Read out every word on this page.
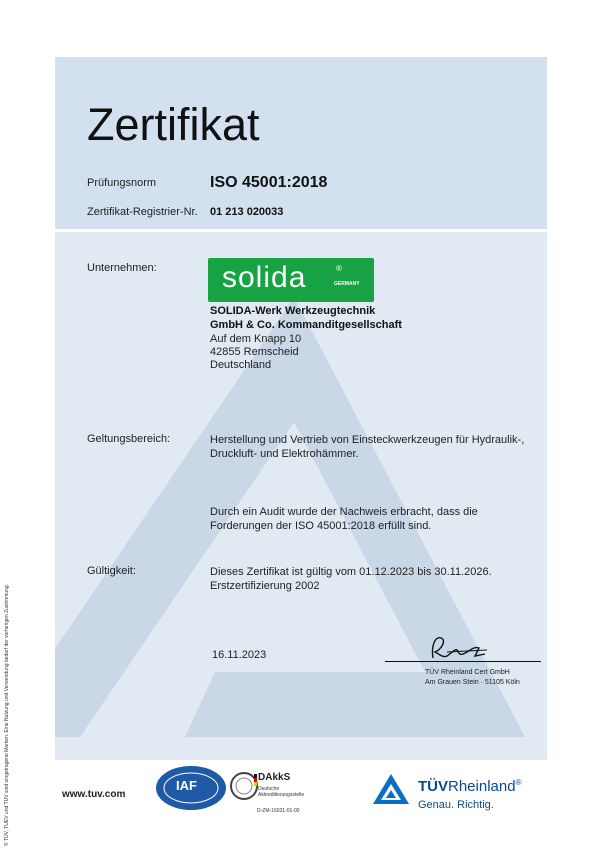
© TÜV, TUEV und TUV sind eingetragene Marken. Eine Nutzung und Verwendung bedarf der vorherigen Zustimmung.
Zertifikat
Prüfungsnorm	ISO 45001:2018
Zertifikat-Registrier-Nr. 01 213 020033
Unternehmen: solida	®
GERMANY
SOLIDA-Werk Werkzeugtechnik
GmbH & Co. Kommanditgesellschaft
Auf dem Knapp 10
42855 Remscheid
Deutschland
Geltungsbereich:	Herstellung und Vertrieb von Einsteckwerkzeugen für Hydraulik-,
Druckluft- und Elektrohämmer.
Durch ein Audit wurde der Nachweis erbracht, dass die
Forderungen der ISO 45001:2018 erfüllt sind.
Gültigkeit:	Dieses Zertifikat ist gültig vom 01.12.2023 bis 30.11.2026.
Erstzertifizierung 2002
16.11.2023
TÜV Rheinland Cert GmbH
Am Grauen Stein · 51105 Köln
www.tuv.com
IAF
DAkkS
Deutsche
Akkreditierungsstelle
D-ZM-16031-01-00
TÜVRheinland®
Genau. Richtig.
